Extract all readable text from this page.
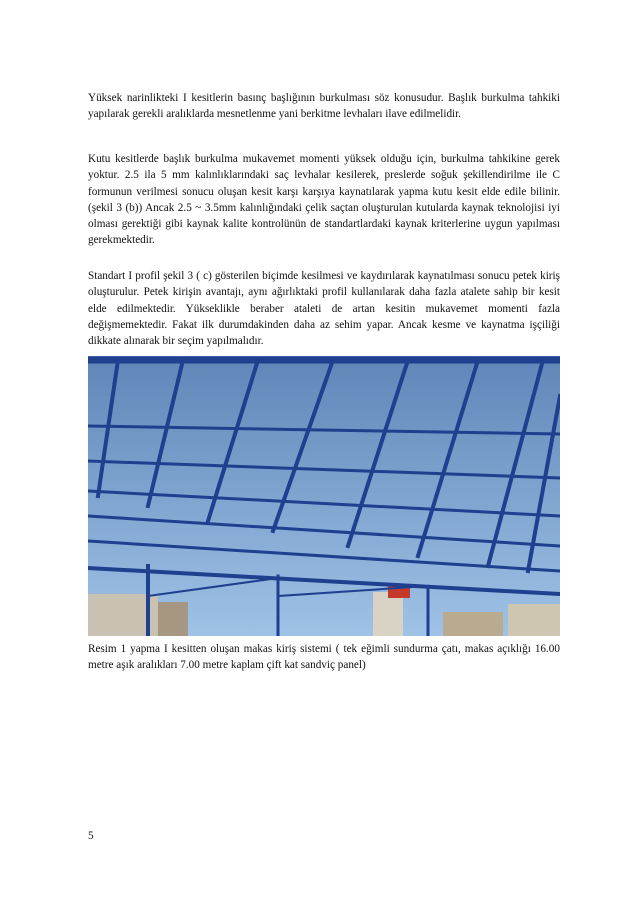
Yüksek narinlikteki I kesitlerin basınç başlığının burkulması söz konusudur. Başlık burkulma tahkiki yapılarak gerekli aralıklarda mesnetlenme yani berkitme levhaları ilave edilmelidir.

Kutu kesitlerde başlık burkulma mukavemet momenti yüksek olduğu için, burkulma tahkikine gerek yoktur. 2.5 ila 5 mm kalınlıklarındaki saç levhalar kesilerek, preslerde soğuk şekillendirilme ile C formunun verilmesi sonucu oluşan kesit karşı karşıya kaynatılarak yapma kutu kesit elde edile bilinir. (şekil 3 (b)) Ancak 2.5 ~ 3.5mm kalınlığındaki çelik saçtan oluşturulan kutularda kaynak teknolojisi iyi olması gerektiği gibi kaynak kalite kontrolünün de standartlardaki kaynak kriterlerine uygun yapılması gerekmektedir.

Standart I profil şekil 3 ( c) gösterilen biçimde kesilmesi ve kaydırılarak kaynatılması sonucu petek kiriş oluşturulur. Petek kirişin avantajı, aynı ağırlıktaki profil kullanılarak daha fazla atalete sahip bir kesit elde edilmektedir. Yükseklikle beraber ataleti de artan kesitin mukavemet momenti fazla değişmemektedir. Fakat ilk durumdakinden daha az sehim yapar. Ancak kesme ve kaynatma işçiliği dikkate alınarak bir seçim yapılmalıdır.

Resim 1 yapma I kesitten oluşan makas kiriş sistemi ( tek eğimli sundurma çatı, makas açıklığı 16.00 metre aşık aralıkları 7.00 metre kaplam çift kat sandviç panel)

5
